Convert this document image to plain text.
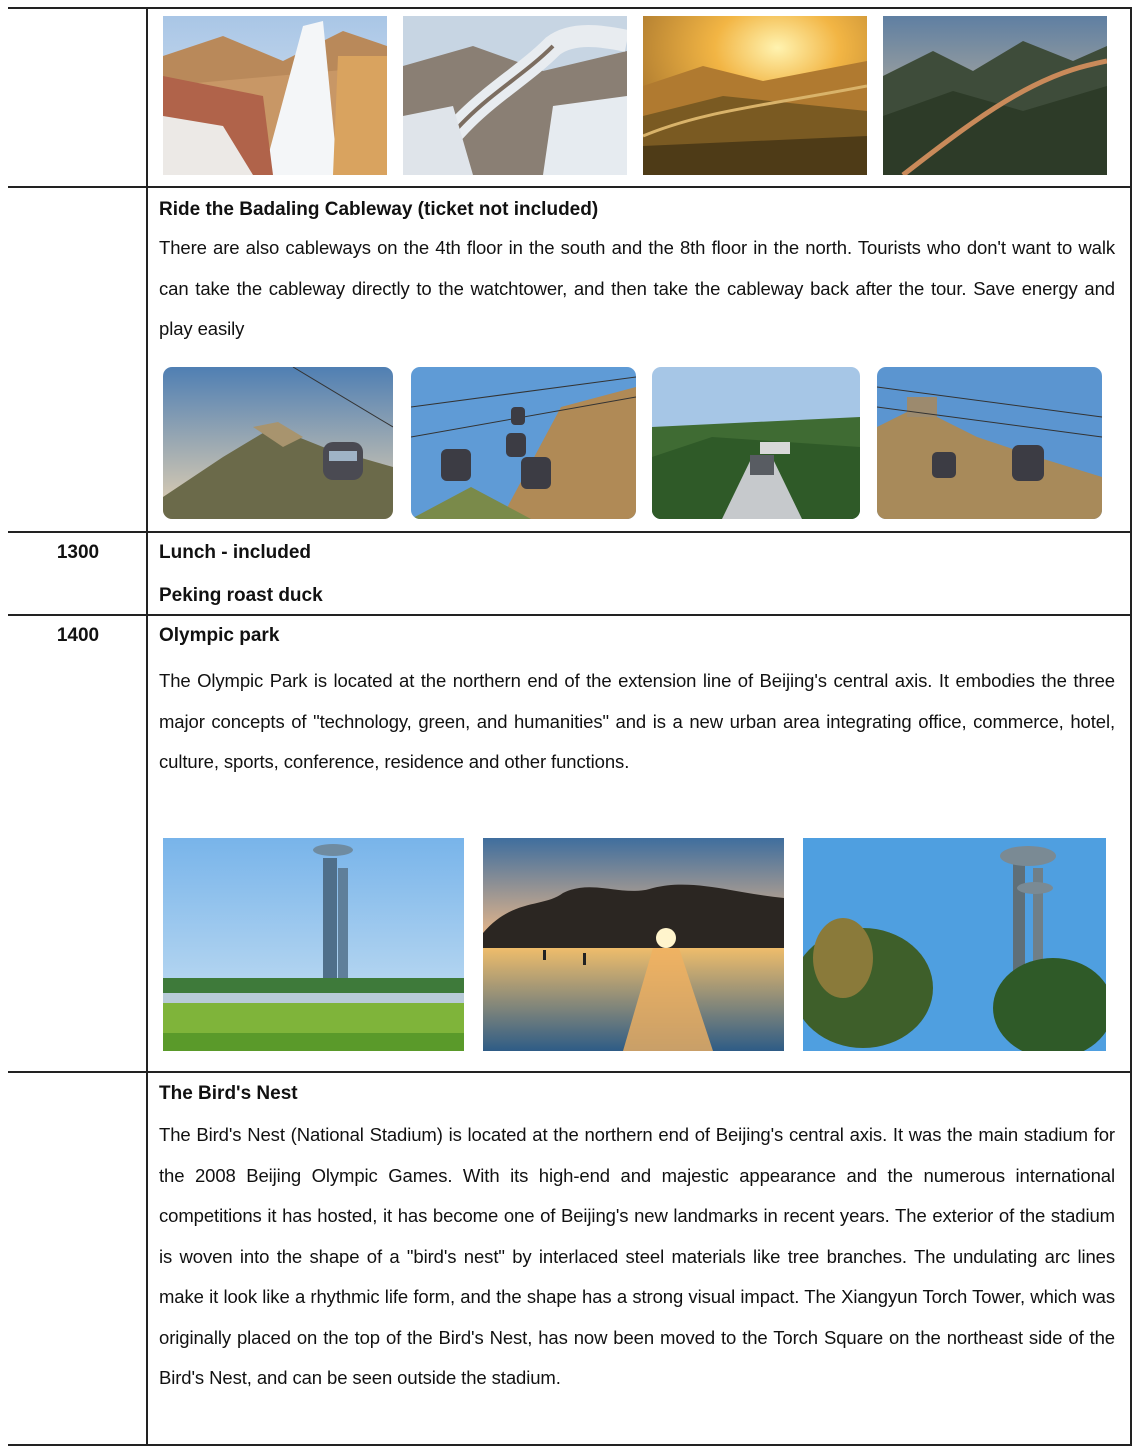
Ride the Badaling Cableway (ticket not included)

There are also cableways on the 4th floor in the south and the 8th floor in the north. Tourists who don't want to walk can take the cableway directly to the watchtower, and then take the cableway back after the tour. Save energy and play easily

1300	Lunch - included

Peking roast duck

1400	Olympic park

The Olympic Park is located at the northern end of the extension line of Beijing's central axis. It embodies the three major concepts of "technology, green, and humanities" and is a new urban area integrating office, commerce, hotel, culture, sports, conference, residence and other functions.

The Bird's Nest

The Bird's Nest (National Stadium) is located at the northern end of Beijing's central axis. It was the main stadium for the 2008 Beijing Olympic Games. With its high-end and majestic appearance and the numerous international competitions it has hosted, it has become one of Beijing's new landmarks in recent years. The exterior of the stadium is woven into the shape of a "bird's nest" by interlaced steel materials like tree branches. The undulating arc lines make it look like a rhythmic life form, and the shape has a strong visual impact. The Xiangyun Torch Tower, which was originally placed on the top of the Bird's Nest, has now been moved to the Torch Square on the northeast side of the Bird's Nest, and can be seen outside the stadium.
